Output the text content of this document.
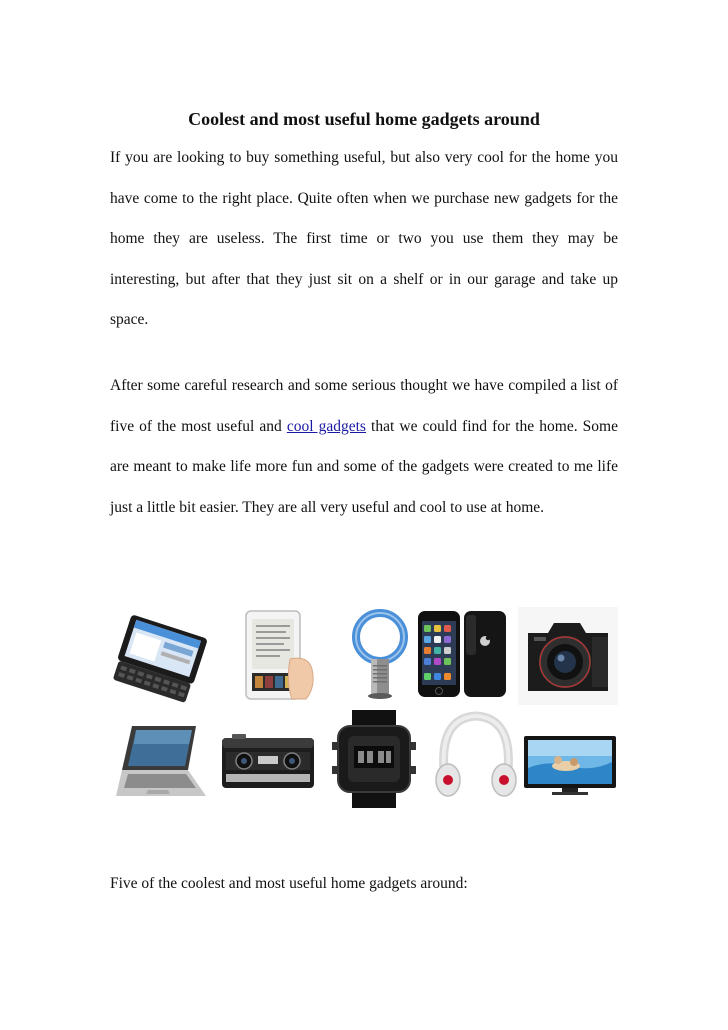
Coolest and most useful home gadgets around

If you are looking to buy something useful, but also very cool for the home you have come to the right place. Quite often when we purchase new gadgets for the home they are useless. The first time or two you use them they may be interesting, but after that they just sit on a shelf or in our garage and take up space.

After some careful research and some serious thought we have compiled a list of five of the most useful and cool gadgets that we could find for the home. Some are meant to make life more fun and some of the gadgets were created to me life just a little bit easier. They are all very useful and cool to use at home.

Five of the coolest and most useful home gadgets around:
